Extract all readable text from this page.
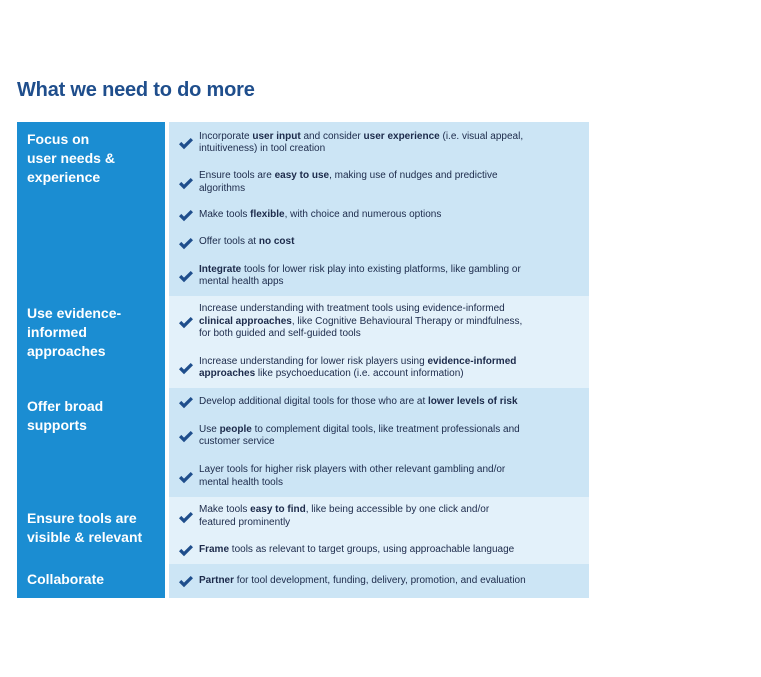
What we need to do more
Focus on
user needs &
experience
Incorporate user input and consider user experience (i.e. visual appeal,
intuitiveness) in tool creation
Ensure tools are easy to use, making use of nudges and predictive
algorithms
Make tools flexible, with choice and numerous options
Offer tools at no cost
Integrate tools for lower risk play into existing platforms, like gambling or
mental health apps
Use evidence-
informed
approaches
Increase understanding with treatment tools using evidence-informed
clinical approaches, like Cognitive Behavioural Therapy or mindfulness,
for both guided and self-guided tools
Increase understanding for lower risk players using evidence-informed
approaches like psychoeducation (i.e. account information)
Offer broad
supports
Develop additional digital tools for those who are at lower levels of risk
Use people to complement digital tools, like treatment professionals and
customer service
Layer tools for higher risk players with other relevant gambling and/or
mental health tools
Ensure tools are
visible & relevant
Make tools easy to find, like being accessible by one click and/or
featured prominently
Frame tools as relevant to target groups, using approachable language
Collaborate	Partner for tool development, funding, delivery, promotion, and evaluation
